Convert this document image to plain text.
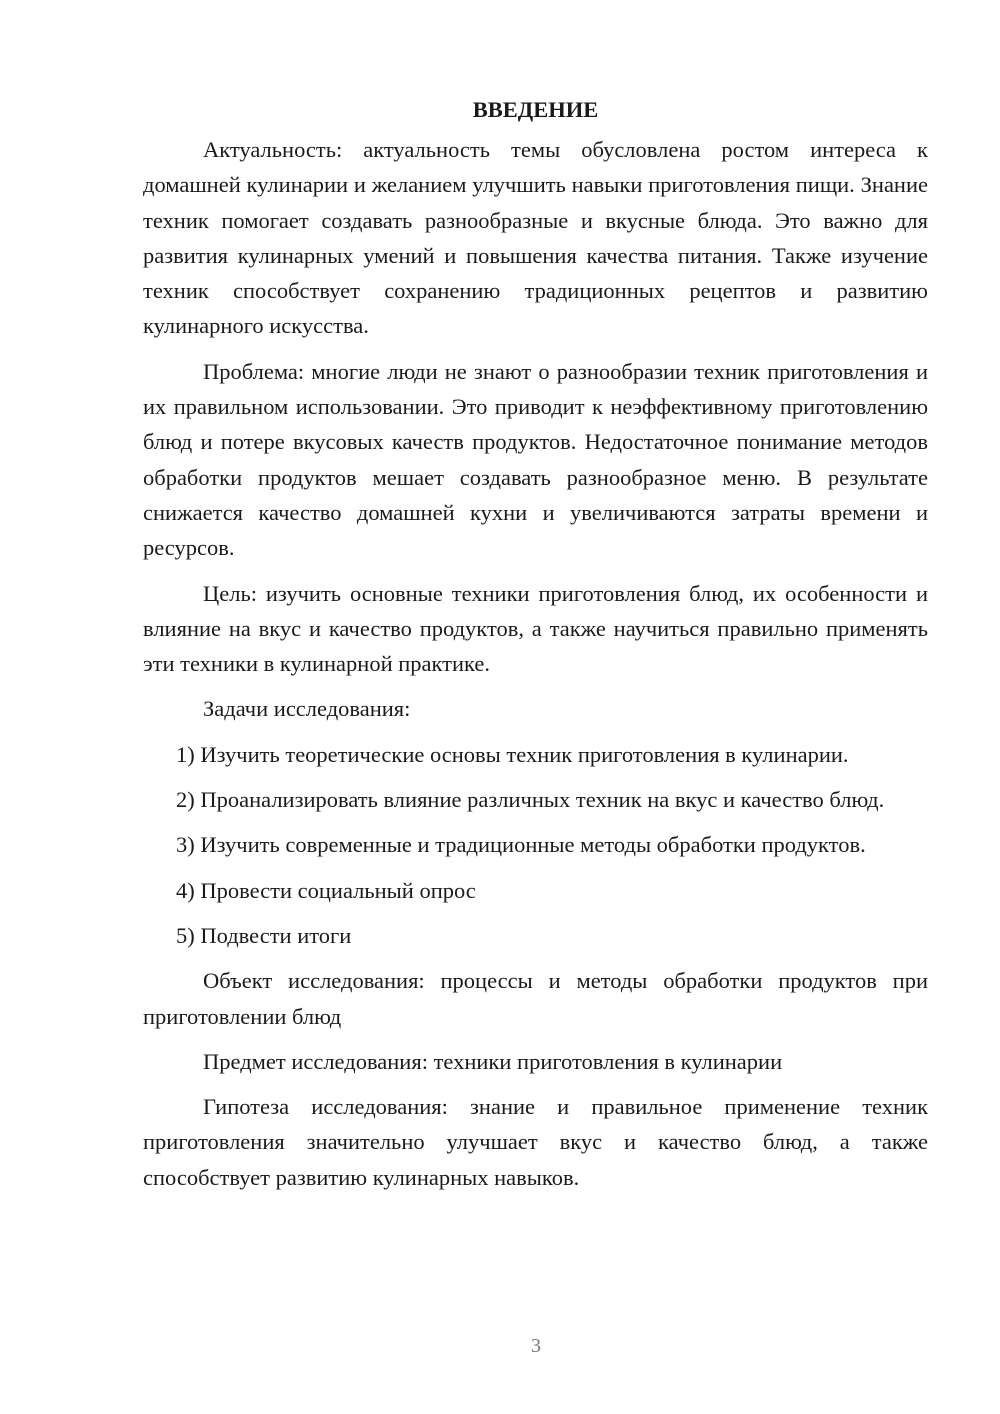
ВВЕДЕНИЕ

Актуальность: актуальность темы обусловлена ростом интереса к домашней кулинарии и желанием улучшить навыки приготовления пищи. Знание техник помогает создавать разнообразные и вкусные блюда. Это важно для развития кулинарных умений и повышения качества питания. Также изучение техник способствует сохранению традиционных рецептов и развитию кулинарного искусства.

Проблема: многие люди не знают о разнообразии техник приготовления и их правильном использовании. Это приводит к неэффективному приготовлению блюд и потере вкусовых качеств продуктов. Недостаточное понимание методов обработки продуктов мешает создавать разнообразное меню. В результате снижается качество домашней кухни и увеличиваются затраты времени и ресурсов.

Цель: изучить основные техники приготовления блюд, их особенности и влияние на вкус и качество продуктов, а также научиться правильно применять эти техники в кулинарной практике.

Задачи исследования:

1) Изучить теоретические основы техник приготовления в кулинарии.

2) Проанализировать влияние различных техник на вкус и качество блюд.

3) Изучить современные и традиционные методы обработки продуктов.

4) Провести социальный опрос

5) Подвести итоги

Объект исследования: процессы и методы обработки продуктов при приготовлении блюд

Предмет исследования: техники приготовления в кулинарии

Гипотеза исследования: знание и правильное применение техник приготовления значительно улучшает вкус и качество блюд, а также способствует развитию кулинарных навыков.

3
